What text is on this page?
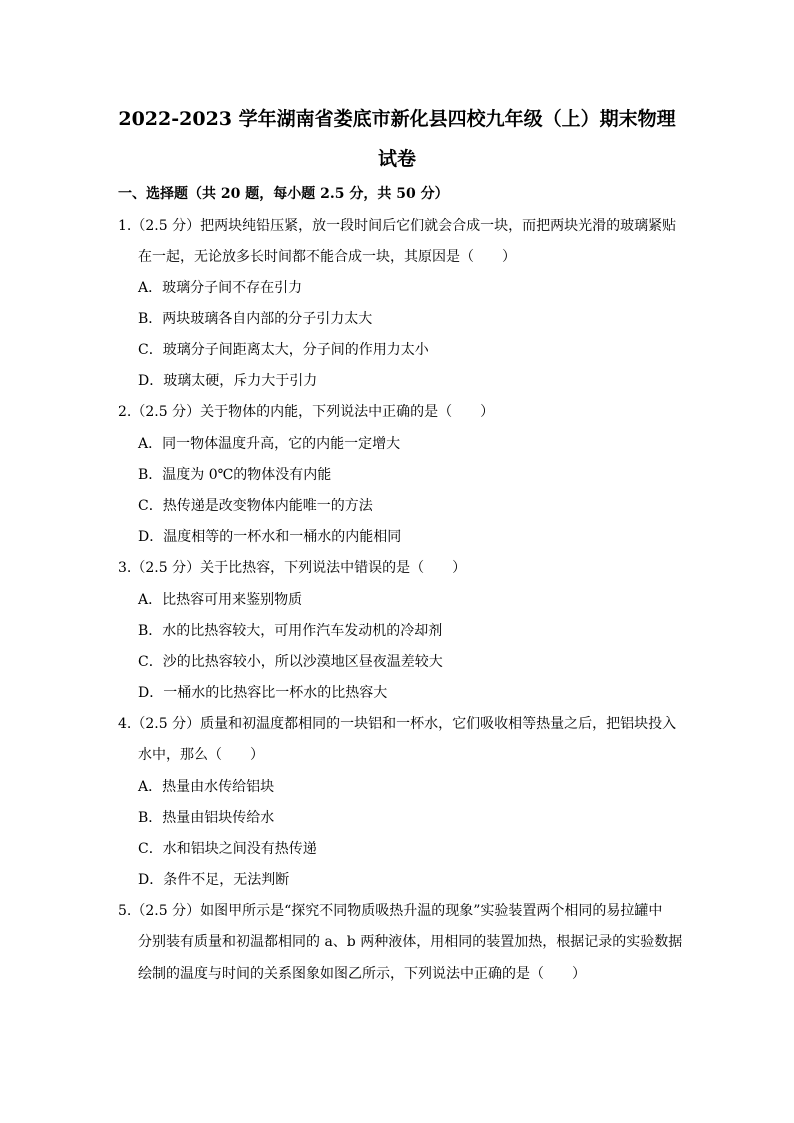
2022-2023 学年湖南省娄底市新化县四校九年级（上）期末物理
试卷
一、选择题（共 20 题，每小题 2.5 分，共 50 分）
1.（2.5 分）把两块纯铅压紧，放一段时间后它们就会合成一块，而把两块光滑的玻璃紧贴
在一起，无论放多长时间都不能合成一块，其原因是（　　）
A．玻璃分子间不存在引力
B．两块玻璃各自内部的分子引力太大
C．玻璃分子间距离太大，分子间的作用力太小
D．玻璃太硬，斥力大于引力
2.（2.5 分）关于物体的内能，下列说法中正确的是（　　）
A．同一物体温度升高，它的内能一定增大
B．温度为 0℃的物体没有内能
C．热传递是改变物体内能唯一的方法
D．温度相等的一杯水和一桶水的内能相同
3.（2.5 分）关于比热容，下列说法中错误的是（　　）
A．比热容可用来鉴别物质
B．水的比热容较大，可用作汽车发动机的冷却剂
C．沙的比热容较小，所以沙漠地区昼夜温差较大
D．一桶水的比热容比一杯水的比热容大
4.（2.5 分）质量和初温度都相同的一块铝和一杯水，它们吸收相等热量之后，把铝块投入
水中，那么（　　）
A．热量由水传给铝块
B．热量由铝块传给水
C．水和铝块之间没有热传递
D．条件不足，无法判断
5.（2.5 分）如图甲所示是“探究不同物质吸热升温的现象”实验装置两个相同的易拉罐中
分别装有质量和初温都相同的 a、b 两种液体，用相同的装置加热，根据记录的实验数据
绘制的温度与时间的关系图象如图乙所示，下列说法中正确的是（　　）
